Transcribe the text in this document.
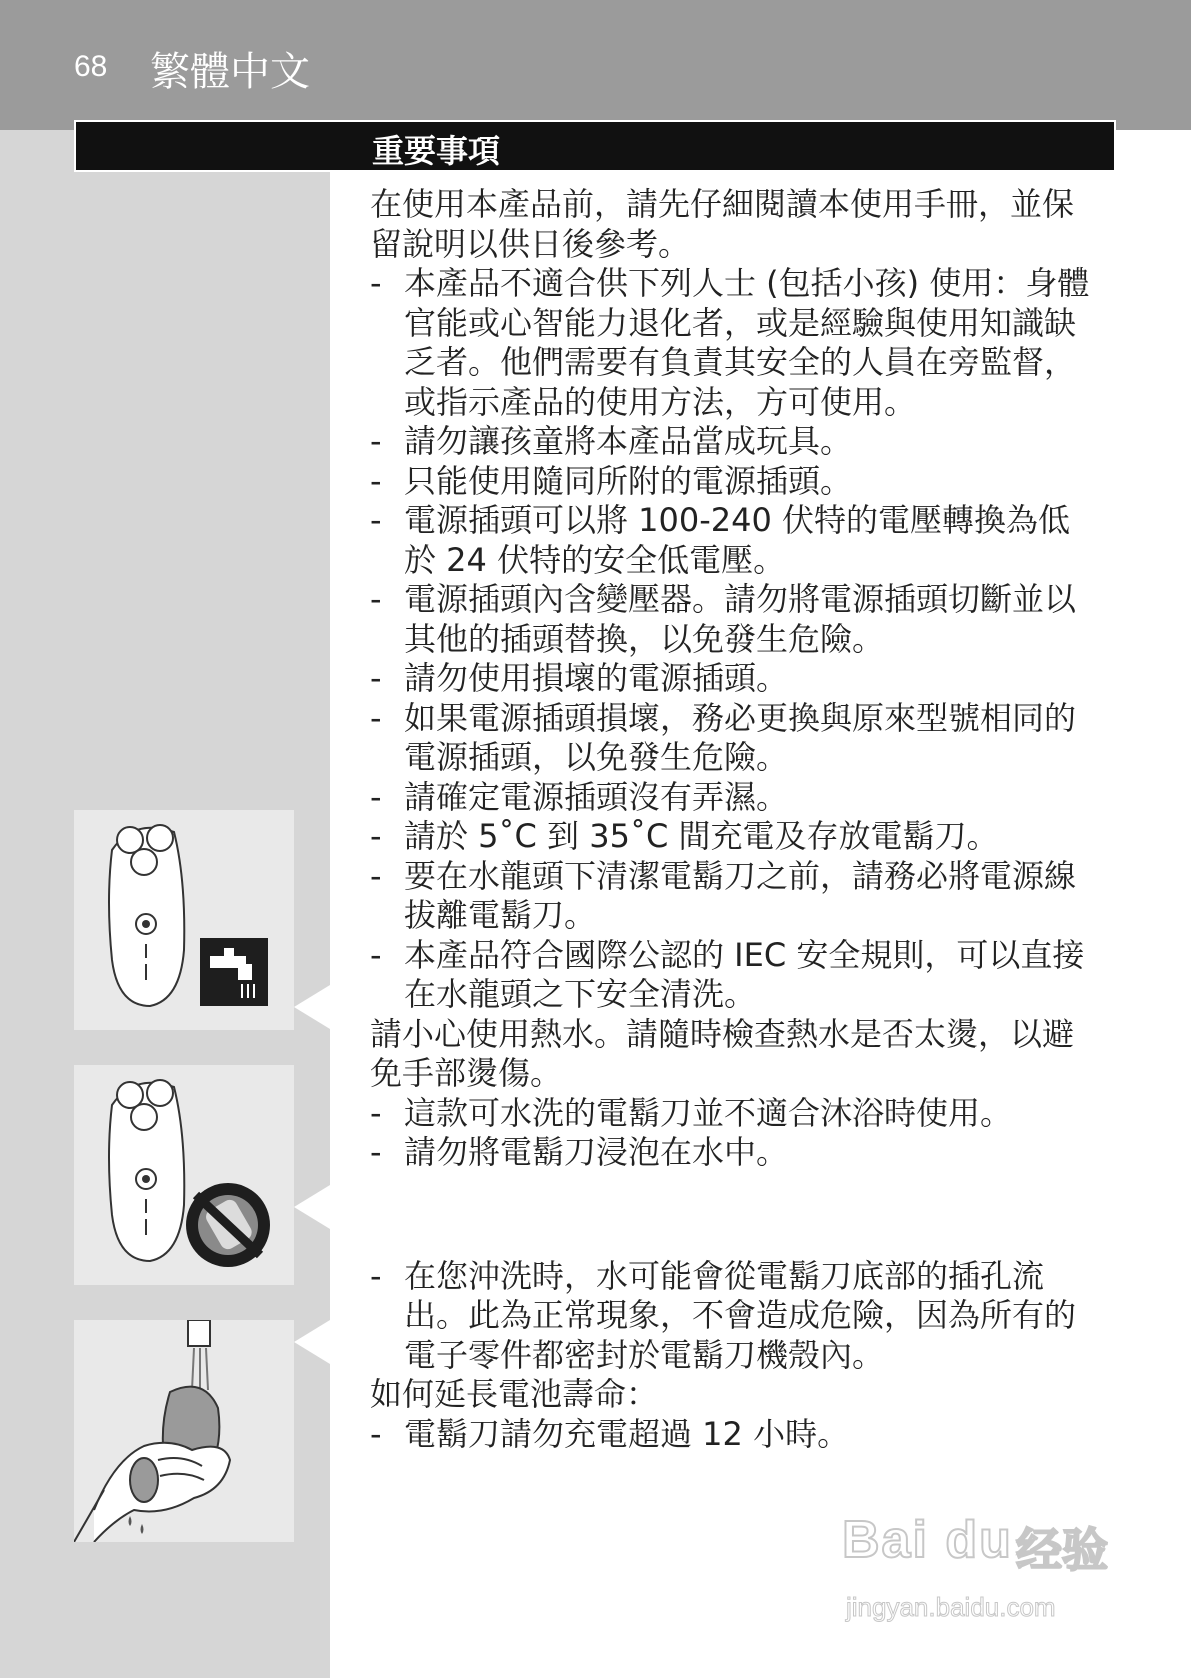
68 繁體中文
重要事項

在使用本產品前，請先仔細閱讀本使用手冊，並保留說明以供日後參考。

- 本產品不適合供下列人士 (包括小孩) 使用：身體官能或心智能力退化者，或是經驗與使用知識缺乏者。他們需要有負責其安全的人員在旁監督，或指示產品的使用方法，方可使用。

- 請勿讓孩童將本產品當成玩具。

- 只能使用隨同所附的電源插頭。

- 電源插頭可以將 100-240 伏特的電壓轉換為低於 24 伏特的安全低電壓。

- 電源插頭內含變壓器。請勿將電源插頭切斷並以其他的插頭替換，以免發生危險。

- 請勿使用損壞的電源插頭。

- 如果電源插頭損壞，務必更換與原來型號相同的電源插頭，以免發生危險。

- 請確定電源插頭沒有弄濕。

- 請於 5˚C 到 35˚C 間充電及存放電鬍刀。

- 要在水龍頭下清潔電鬍刀之前，請務必將電源線拔離電鬍刀。

- 本產品符合國際公認的 IEC 安全規則，可以直接在水龍頭之下安全清洗。

請小心使用熱水。請隨時檢查熱水是否太燙，以避免手部燙傷。

- 這款可水洗的電鬍刀並不適合沐浴時使用。

- 請勿將電鬍刀浸泡在水中。

- 在您沖洗時，水可能會從電鬍刀底部的插孔流出。此為正常現象，不會造成危險，因為所有的電子零件都密封於電鬍刀機殼內。

如何延長電池壽命：

- 電鬍刀請勿充電超過 12 小時。

Bai du 经验
jingyan.baidu.com
